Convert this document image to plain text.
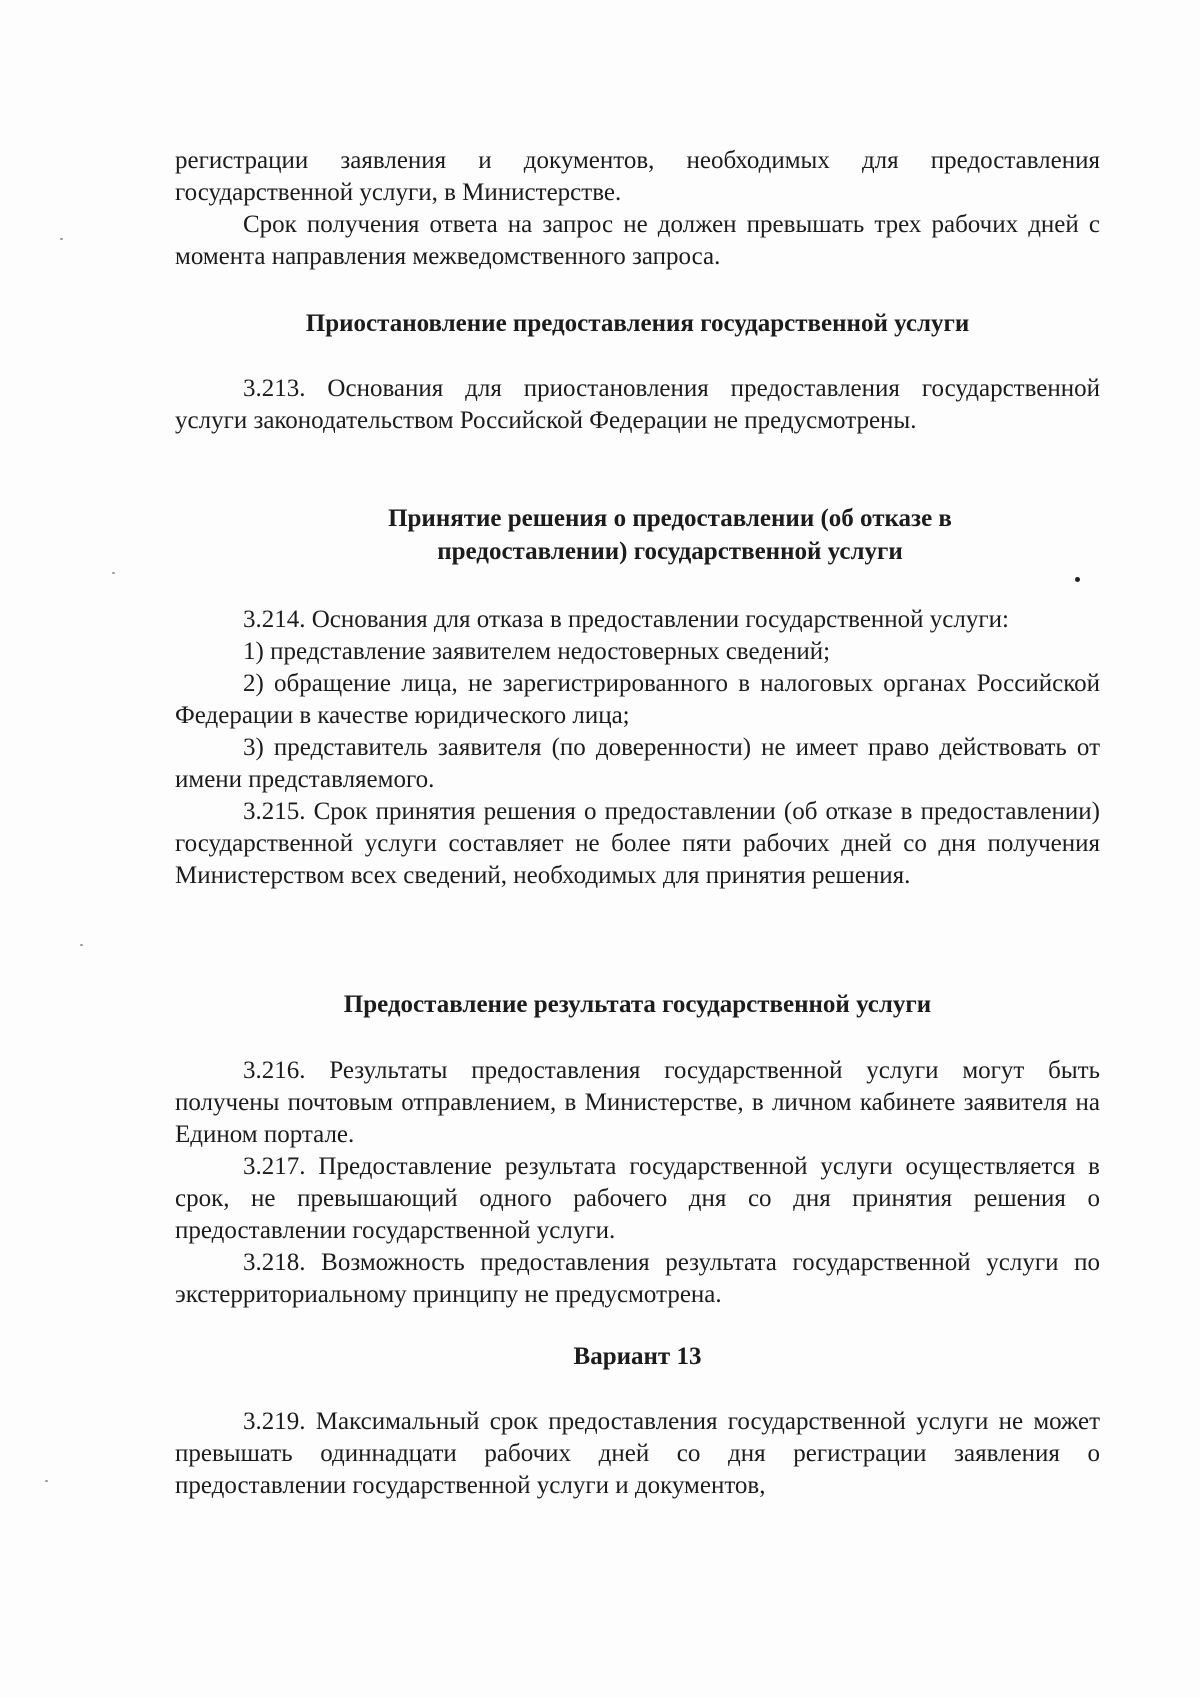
регистрации заявления и документов, необходимых для предоставления государственной услуги, в Министерстве.

Срок получения ответа на запрос не должен превышать трех рабочих дней с момента направления межведомственного запроса.

Приостановление предоставления государственной услуги

3.213. Основания для приостановления предоставления государственной услуги законодательством Российской Федерации не предусмотрены.

Принятие решения о предоставлении (об отказе в предоставлении) государственной услуги

3.214. Основания для отказа в предоставлении государственной услуги:

1) представление заявителем недостоверных сведений;

2) обращение лица, не зарегистрированного в налоговых органах Российской Федерации в качестве юридического лица;

3) представитель заявителя (по доверенности) не имеет право действовать от имени представляемого.

3.215. Срок принятия решения о предоставлении (об отказе в предоставлении) государственной услуги составляет не более пяти рабочих дней со дня получения Министерством всех сведений, необходимых для принятия решения.

Предоставление результата государственной услуги

3.216. Результаты предоставления государственной услуги могут быть получены почтовым отправлением, в Министерстве, в личном кабинете заявителя на Едином портале.

3.217. Предоставление результата государственной услуги осуществляется в срок, не превышающий одного рабочего дня со дня принятия решения о предоставлении государственной услуги.

3.218. Возможность предоставления результата государственной услуги по экстерриториальному принципу не предусмотрена.

Вариант 13

3.219. Максимальный срок предоставления государственной услуги не может превышать одиннадцати рабочих дней со дня регистрации заявления о предоставлении государственной услуги и документов,
